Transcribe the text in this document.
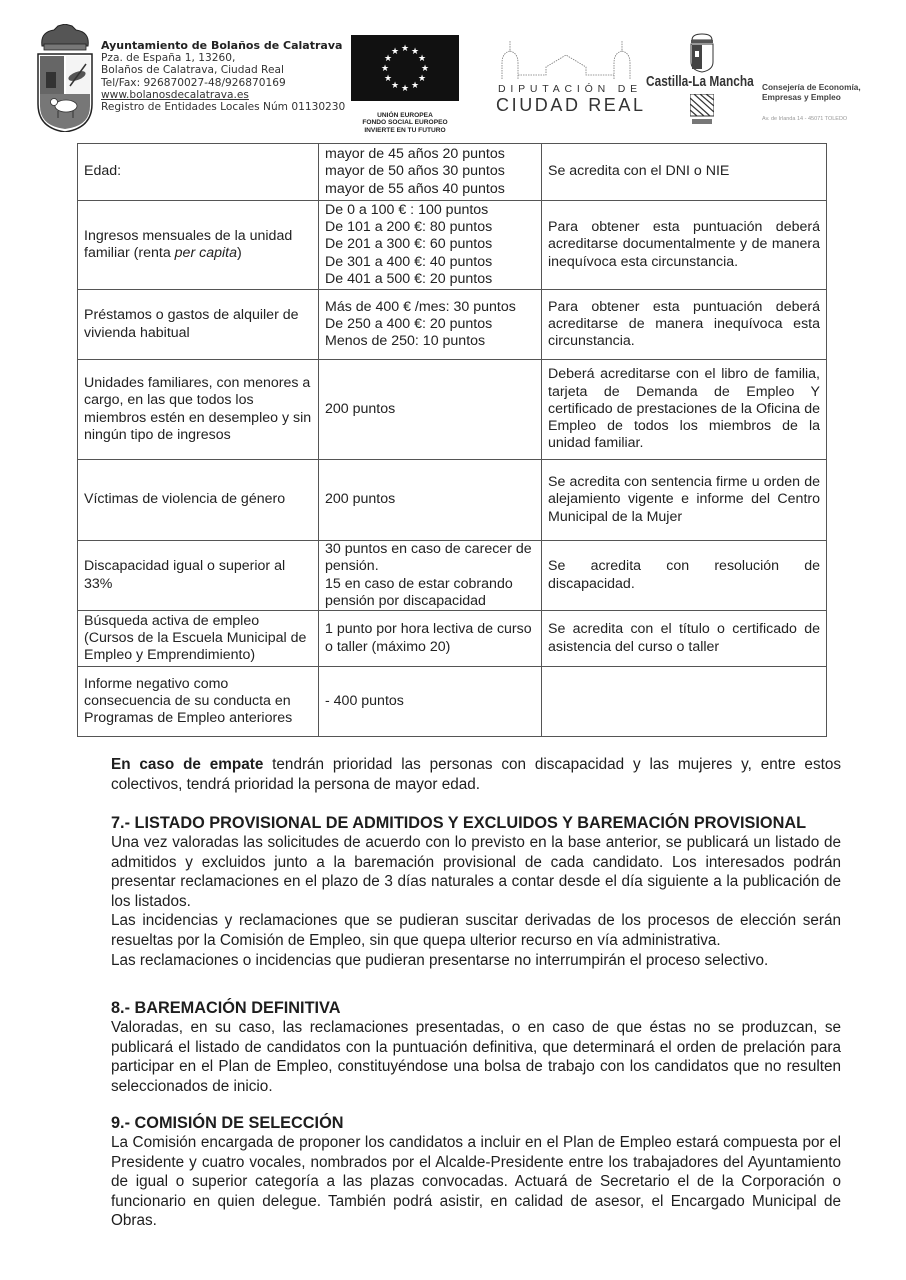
Ayuntamiento de Bolaños de Calatrava
Pza. de España 1, 13260,
Bolaños de Calatrava, Ciudad Real
Tel/Fax: 926870027-48/926870169
www.bolanosdecalatrava.es
Registro de Entidades Locales Núm 01130230
★ ★
★
★
★
★
★
★
★
★
★
★
UNIÓN EUROPEA
FONDO SOCIAL EUROPEO
INVIERTE EN TU FUTURO
DIPUTACIÓN DE
CIUDAD REAL
Castilla-La Mancha Consejería de Economía,
Empresas y Empleo
Av. de Irlanda 14 - 45071 TOLEDO
Edad:	mayor de 45 años 20 puntos
mayor de 50 años 30 puntos
mayor de 55 años 40 puntos	Se acredita con el DNI o NIE
Ingresos mensuales de la unidad familiar (renta per capita)	De 0 a 100 € : 100 puntos
De 101 a 200 €: 80 puntos
De 201 a 300 €: 60 puntos
De 301 a 400 €: 40 puntos
De 401 a 500 €: 20 puntos	Para obtener esta puntuación deberá acreditarse documentalmente y de manera inequívoca esta circunstancia.
Préstamos o gastos de alquiler de vivienda habitual	Más de 400 € /mes: 30 puntos
De 250 a 400 €: 20 puntos
Menos de 250: 10 puntos	Para obtener esta puntuación deberá acreditarse de manera inequívoca esta circunstancia.
Unidades familiares, con menores a cargo, en las que todos los miembros estén en desempleo y sin ningún tipo de ingresos	200 puntos	Deberá acreditarse con el libro de familia, tarjeta de Demanda de Empleo Y certificado de prestaciones de la Oficina de Empleo de todos los miembros de la unidad familiar.
Víctimas de violencia de género	200 puntos	Se acredita con sentencia firme u orden de alejamiento vigente e informe del Centro Municipal de la Mujer
Discapacidad igual o superior al 33%	30 puntos en caso de carecer de pensión.
15 en caso de estar cobrando pensión por discapacidad	Se acredita con resolución de discapacidad.
Búsqueda activa de empleo (Cursos de la Escuela Municipal de Empleo y Emprendimiento)	1 punto por hora lectiva de curso o taller (máximo 20)	Se acredita con el título o certificado de asistencia del curso o taller
Informe negativo como consecuencia de su conducta en Programas de Empleo anteriores	- 400 puntos	

En caso de empate tendrán prioridad las personas con discapacidad y las mujeres y, entre estos colectivos, tendrá prioridad la persona de mayor edad.

7.- LISTADO PROVISIONAL DE ADMITIDOS Y EXCLUIDOS Y BAREMACIÓN PROVISIONAL

Una vez valoradas las solicitudes de acuerdo con lo previsto en la base anterior, se publicará un listado de admitidos y excluidos junto a la baremación provisional de cada candidato. Los interesados podrán presentar reclamaciones en el plazo de 3 días naturales a contar desde el día siguiente a la publicación de los listados.

Las incidencias y reclamaciones que se pudieran suscitar derivadas de los procesos de elección serán resueltas por la Comisión de Empleo, sin que quepa ulterior recurso en vía administrativa.

Las reclamaciones o incidencias que pudieran presentarse no interrumpirán el proceso selectivo.

8.- BAREMACIÓN DEFINITIVA

Valoradas, en su caso, las reclamaciones presentadas, o en caso de que éstas no se produzcan, se publicará el listado de candidatos con la puntuación definitiva, que determinará el orden de prelación para participar en el Plan de Empleo, constituyéndose una bolsa de trabajo con los candidatos que no resulten seleccionados de inicio.

9.- COMISIÓN DE SELECCIÓN

La Comisión encargada de proponer los candidatos a incluir en el Plan de Empleo estará compuesta por el Presidente y cuatro vocales, nombrados por el Alcalde-Presidente entre los trabajadores del Ayuntamiento de igual o superior categoría a las plazas convocadas. Actuará de Secretario el de la Corporación o funcionario en quien delegue. También podrá asistir, en calidad de asesor, el Encargado Municipal de Obras.
